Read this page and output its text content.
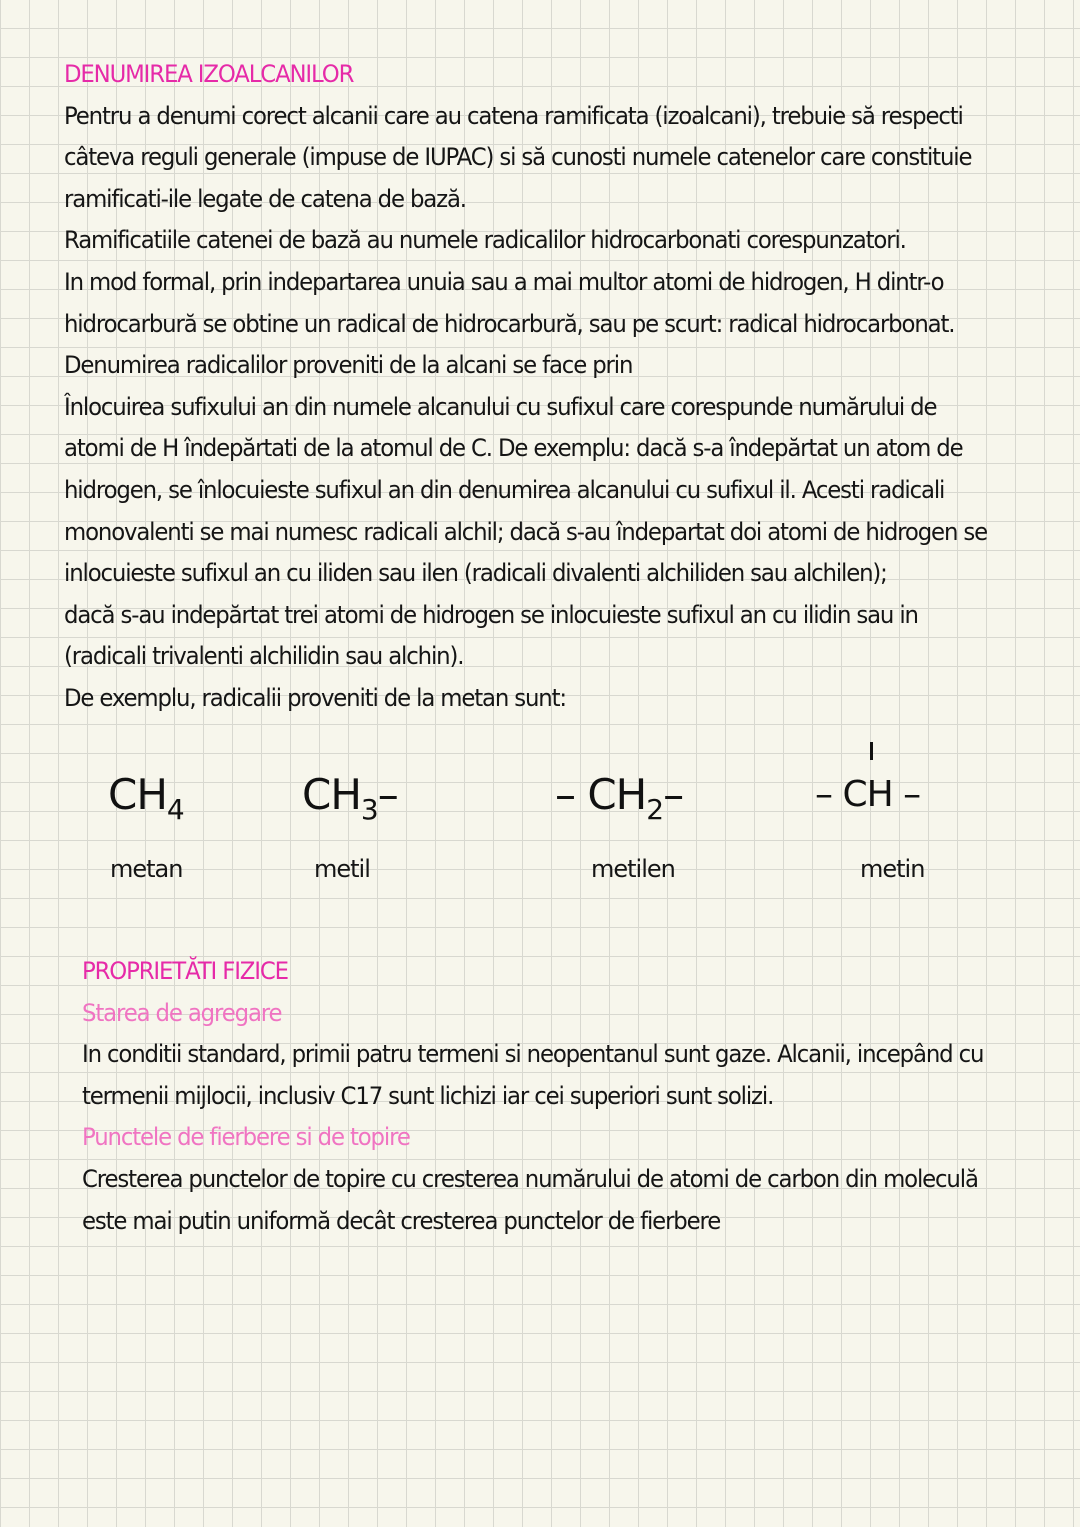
DENUMIREA IZOALCANILOR
Pentru a denumi corect alcanii care au catena ramificata (izoalcani), trebuie să respecti
câteva reguli generale (impuse de IUPAC) si să cunosti numele catenelor care constituie
ramificati-ile legate de catena de bază.
Ramificatiile catenei de bază au numele radicalilor hidrocarbonati corespunzatori.
In mod formal, prin indepartarea unuia sau a mai multor atomi de hidrogen, H dintr-o
hidrocarbură se obtine un radical de hidrocarbură, sau pe scurt: radical hidrocarbonat.
Denumirea radicalilor proveniti de la alcani se face prin
Înlocuirea sufixului an din numele alcanului cu sufixul care corespunde numărului de
atomi de H îndepărtati de la atomul de C. De exemplu: dacă s-a îndepărtat un atom de
hidrogen, se înlocuieste sufixul an din denumirea alcanului cu sufixul il. Acesti radicali
monovalenti se mai numesc radicali alchil; dacă s-au îndepartat doi atomi de hidrogen se
inlocuieste sufixul an cu iliden sau ilen (radicali divalenti alchiliden sau alchilen);
dacă s-au indepărtat trei atomi de hidrogen se inlocuieste sufixul an cu ilidin sau in
(radicali trivalenti alchilidin sau alchin).
De exemplu, radicalii proveniti de la metan sunt:
$CH_4$
metan
$CH_3-$
metil
– $CH_2-$
metilen
– CH –
metin
PROPRIETĂTI FIZICE
Starea de agregare
In conditii standard, primii patru termeni si neopentanul sunt gaze. Alcanii, incepând cu
termenii mijlocii, inclusiv C17 sunt lichizi iar cei superiori sunt solizi.
Punctele de fierbere si de topire
Cresterea punctelor de topire cu cresterea numărului de atomi de carbon din moleculă
este mai putin uniformă decât cresterea punctelor de fierbere
